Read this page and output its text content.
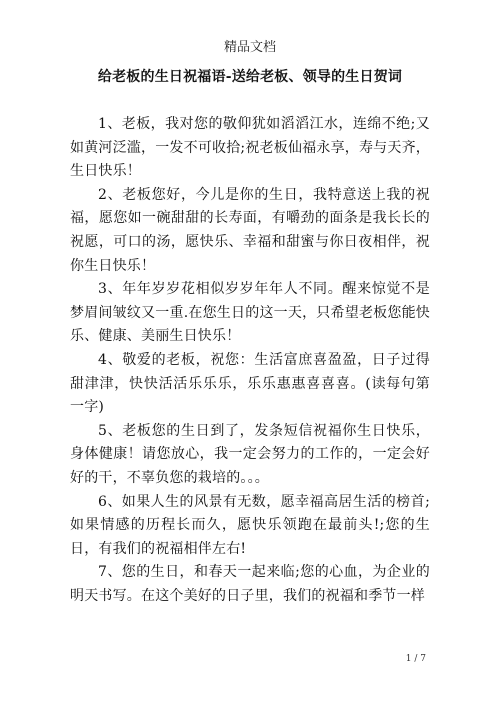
精品文档
给老板的生日祝福语-送给老板、领导的生日贺词

1、老板，我对您的敬仰犹如滔滔江水，连绵不绝;又如黄河泛滥，一发不可收拾;祝老板仙福永享，寿与天齐，生日快乐！

2、老板您好，今儿是你的生日，我特意送上我的祝福，愿您如一碗甜甜的长寿面，有嚼劲的面条是我长长的祝愿，可口的汤，愿快乐、幸福和甜蜜与你日夜相伴，祝你生日快乐！

3、年年岁岁花相似岁岁年年人不同。醒来惊觉不是梦眉间皱纹又一重.在您生日的这一天，只希望老板您能快乐、健康、美丽生日快乐！

4、敬爱的老板，祝您：生活富庶喜盈盈，日子过得甜津津，快快活活乐乐乐，乐乐惠惠喜喜喜。(读每句第一字)

5、老板您的生日到了，发条短信祝福你生日快乐，身体健康！请您放心，我一定会努力的工作的，一定会好好的干，不辜负您的栽培的。。。

6、如果人生的风景有无数，愿幸福高居生活的榜首;如果情感的历程长而久，愿快乐领跑在最前头!;您的生日，有我们的祝福相伴左右!

7、您的生日，和春天一起来临;您的心血，为企业的明天书写。在这个美好的日子里，我们的祝福和季节一样

1 / 7
